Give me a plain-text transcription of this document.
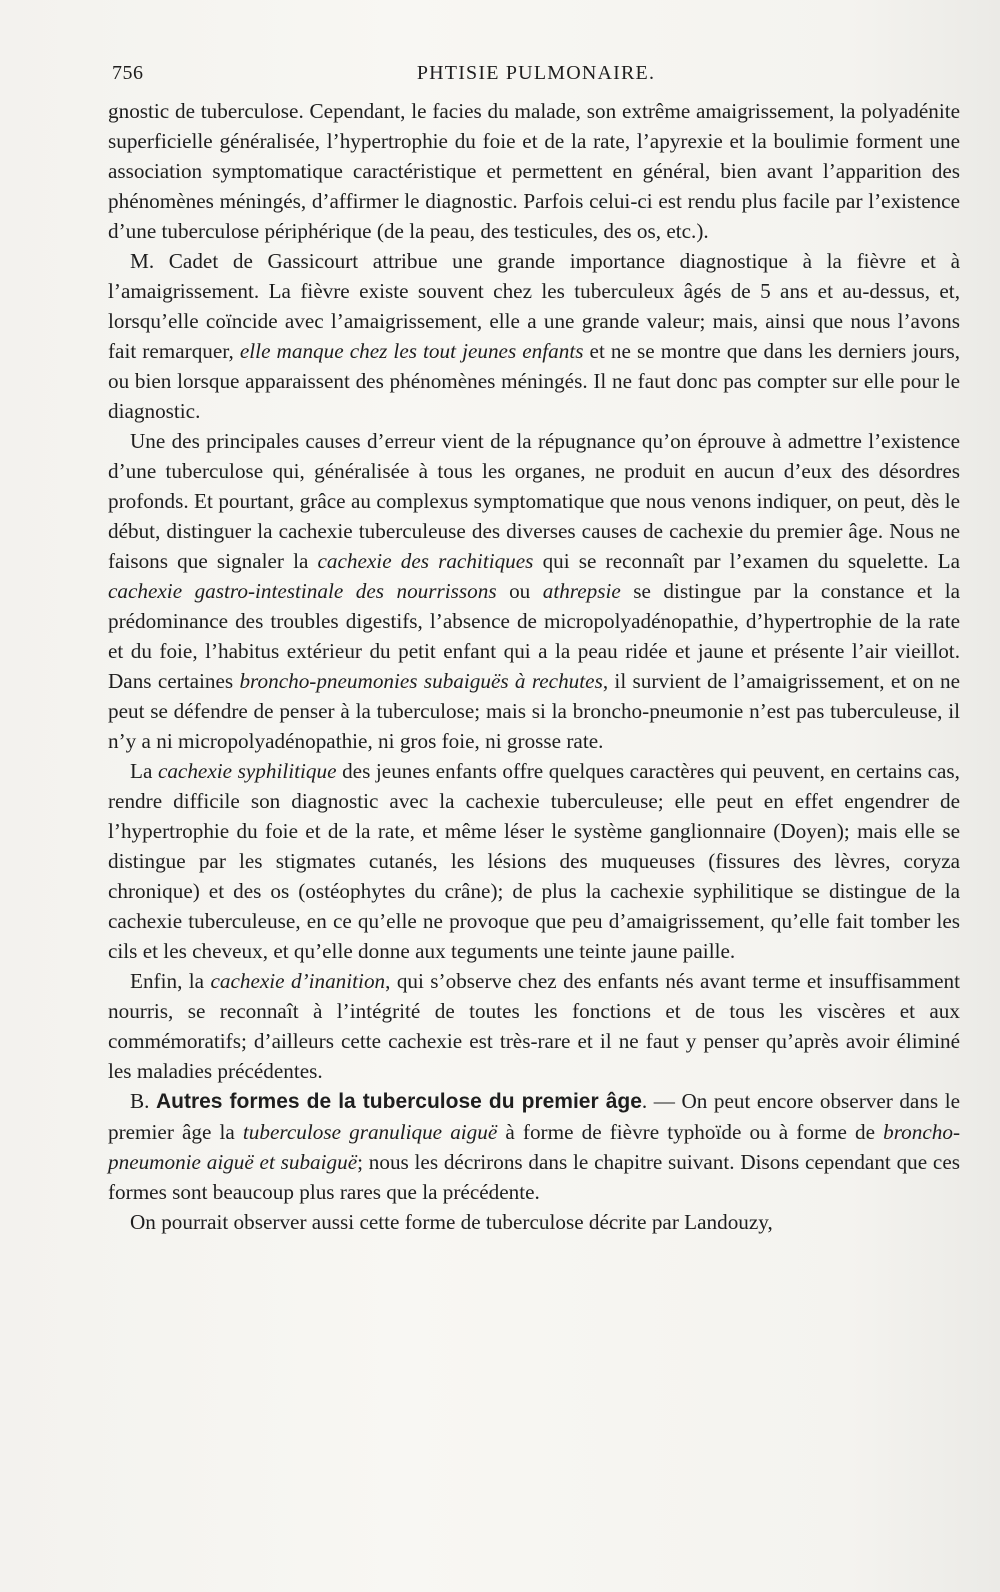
756	PHTISIE PULMONAIRE.

gnostic de tuberculose. Cependant, le facies du malade, son extrême amaigrissement, la polyadénite superficielle généralisée, l’hypertrophie du foie et de la rate, l’apyrexie et la boulimie forment une association symptomatique caractéristique et permettent en général, bien avant l’apparition des phénomènes méningés, d’affirmer le diagnostic. Parfois celui-ci est rendu plus facile par l’existence d’une tuberculose périphérique (de la peau, des testicules, des os, etc.).

M. Cadet de Gassicourt attribue une grande importance diagnostique à la fièvre et à l’amaigrissement. La fièvre existe souvent chez les tuberculeux âgés de 5 ans et au-dessus, et, lorsqu’elle coïncide avec l’amaigrissement, elle a une grande valeur; mais, ainsi que nous l’avons fait remarquer, elle manque chez les tout jeunes enfants et ne se montre que dans les derniers jours, ou bien lorsque apparaissent des phénomènes méningés. Il ne faut donc pas compter sur elle pour le diagnostic.

Une des principales causes d’erreur vient de la répugnance qu’on éprouve à admettre l’existence d’une tuberculose qui, généralisée à tous les organes, ne produit en aucun d’eux des désordres profonds. Et pourtant, grâce au complexus symptomatique que nous venons indiquer, on peut, dès le début, distinguer la cachexie tuberculeuse des diverses causes de cachexie du premier âge. Nous ne faisons que signaler la cachexie des rachitiques qui se reconnaît par l’examen du squelette. La cachexie gastro-intestinale des nourrissons ou athrepsie se distingue par la constance et la prédominance des troubles digestifs, l’absence de micropolyadénopathie, d’hypertrophie de la rate et du foie, l’habitus extérieur du petit enfant qui a la peau ridée et jaune et présente l’air vieillot. Dans certaines broncho-pneumonies subaiguës à rechutes, il survient de l’amaigrissement, et on ne peut se défendre de penser à la tuberculose; mais si la broncho-pneumonie n’est pas tuberculeuse, il n’y a ni micropolyadénopathie, ni gros foie, ni grosse rate.

La cachexie syphilitique des jeunes enfants offre quelques caractères qui peuvent, en certains cas, rendre difficile son diagnostic avec la cachexie tuberculeuse; elle peut en effet engendrer de l’hypertrophie du foie et de la rate, et même léser le système ganglionnaire (Doyen); mais elle se distingue par les stigmates cutanés, les lésions des muqueuses (fissures des lèvres, coryza chronique) et des os (ostéophytes du crâne); de plus la cachexie syphilitique se distingue de la cachexie tuberculeuse, en ce qu’elle ne provoque que peu d’amaigrissement, qu’elle fait tomber les cils et les cheveux, et qu’elle donne aux teguments une teinte jaune paille.

Enfin, la cachexie d’inanition, qui s’observe chez des enfants nés avant terme et insuffisamment nourris, se reconnaît à l’intégrité de toutes les fonctions et de tous les viscères et aux commémoratifs; d’ailleurs cette cachexie est très-rare et il ne faut y penser qu’après avoir éliminé les maladies précédentes.

B. Autres formes de la tuberculose du premier âge. — On peut encore observer dans le premier âge la tuberculose granulique aiguë à forme de fièvre typhoïde ou à forme de broncho-pneumonie aiguë et subaiguë; nous les décrirons dans le chapitre suivant. Disons cependant que ces formes sont beaucoup plus rares que la précédente.

On pourrait observer aussi cette forme de tuberculose décrite par Landouzy,
